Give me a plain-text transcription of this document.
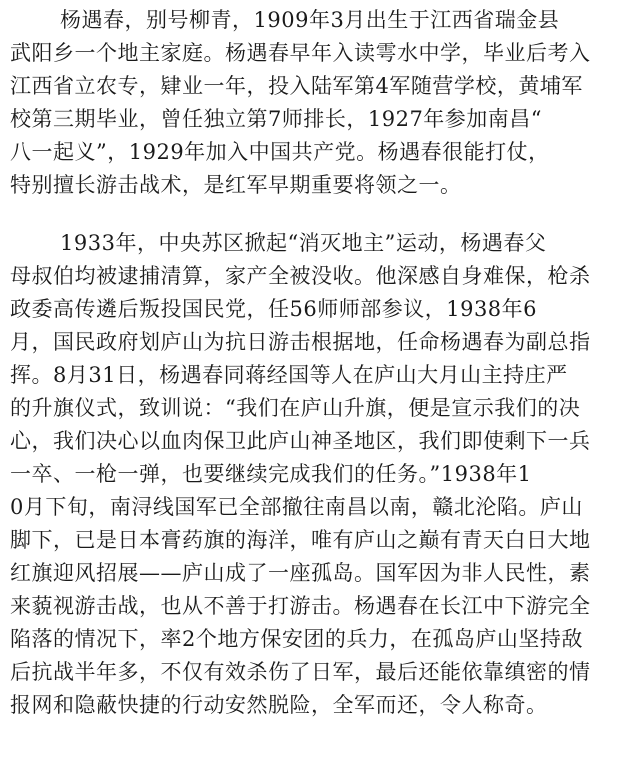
杨遇春，别号柳青，1909年3月出生于江西省瑞金县
武阳乡一个地主家庭。杨遇春早年入读雩水中学，毕业后考入
江西省立农专，肄业一年，投入陆军第4军随营学校，黄埔军
校第三期毕业，曾任独立第7师排长，1927年参加南昌“
八一起义”，1929年加入中国共产党。杨遇春很能打仗，
特别擅长游击战术，是红军早期重要将领之一。
1933年，中央苏区掀起“消灭地主”运动，杨遇春父
母叔伯均被逮捕清算，家产全被没收。他深感自身难保，枪杀
政委高传遴后叛投国民党，任56师师部参议，1938年6
月，国民政府划庐山为抗日游击根据地，任命杨遇春为副总指
挥。8月31日，杨遇春同蒋经国等人在庐山大月山主持庄严
的升旗仪式，致训说：“我们在庐山升旗，便是宣示我们的决
心，我们决心以血肉保卫此庐山神圣地区，我们即使剩下一兵
一卒、一枪一弹，也要继续完成我们的任务。”1938年1
0月下旬，南浔线国军已全部撤往南昌以南，赣北沦陷。庐山
脚下，已是日本膏药旗的海洋，唯有庐山之巅有青天白日大地
红旗迎风招展——庐山成了一座孤岛。国军因为非人民性，素
来藐视游击战，也从不善于打游击。杨遇春在长江中下游完全
陷落的情况下，率2个地方保安团的兵力，在孤岛庐山坚持敌
后抗战半年多，不仅有效杀伤了日军，最后还能依靠缜密的情
报网和隐蔽快捷的行动安然脱险，全军而还，令人称奇。
